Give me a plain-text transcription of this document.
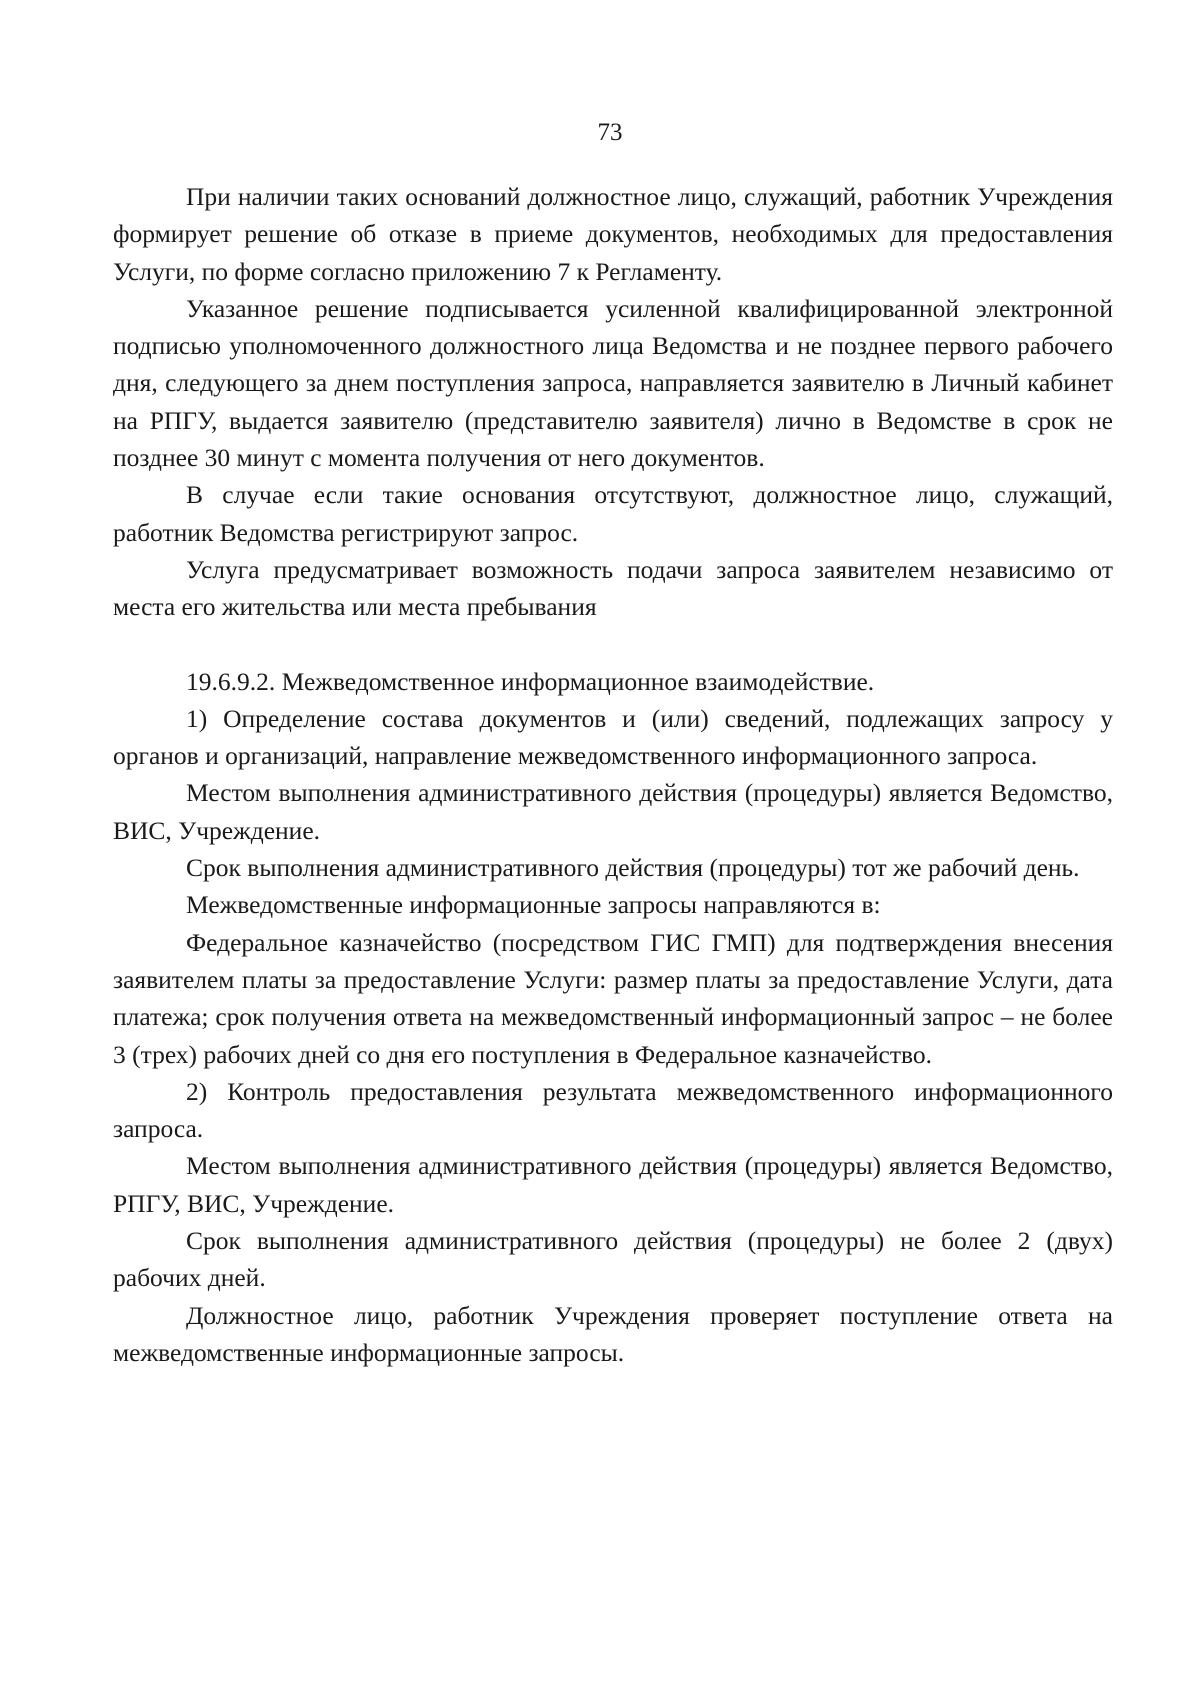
73

При наличии таких оснований должностное лицо, служащий, работник Учреждения формирует решение об отказе в приеме документов, необходимых для предоставления Услуги, по форме согласно приложению 7 к Регламенту.

Указанное решение подписывается усиленной квалифицированной электронной подписью уполномоченного должностного лица Ведомства и не позднее первого рабочего дня, следующего за днем поступления запроса, направляется заявителю в Личный кабинет на РПГУ, выдается заявителю (представителю заявителя) лично в Ведомстве в срок не позднее 30 минут с момента получения от него документов.

В случае если такие основания отсутствуют, должностное лицо, служащий, работник Ведомства регистрируют запрос.

Услуга предусматривает возможность подачи запроса заявителем независимо от места его жительства или места пребывания

19.6.9.2. Межведомственное информационное взаимодействие.

1) Определение состава документов и (или) сведений, подлежащих запросу у органов и организаций, направление межведомственного информационного запроса.

Местом выполнения административного действия (процедуры) является Ведомство, ВИС, Учреждение.

Срок выполнения административного действия (процедуры) тот же рабочий день.

Межведомственные информационные запросы направляются в:

Федеральное казначейство (посредством ГИС ГМП) для подтверждения внесения заявителем платы за предоставление Услуги: размер платы за предоставление Услуги, дата платежа; срок получения ответа на межведомственный информационный запрос – не более 3 (трех) рабочих дней со дня его поступления в Федеральное казначейство.

2) Контроль предоставления результата межведомственного информационного запроса.

Местом выполнения административного действия (процедуры) является Ведомство, РПГУ, ВИС, Учреждение.

Срок выполнения административного действия (процедуры) не более 2 (двух) рабочих дней.

Должностное лицо, работник Учреждения проверяет поступление ответа на межведомственные информационные запросы.
